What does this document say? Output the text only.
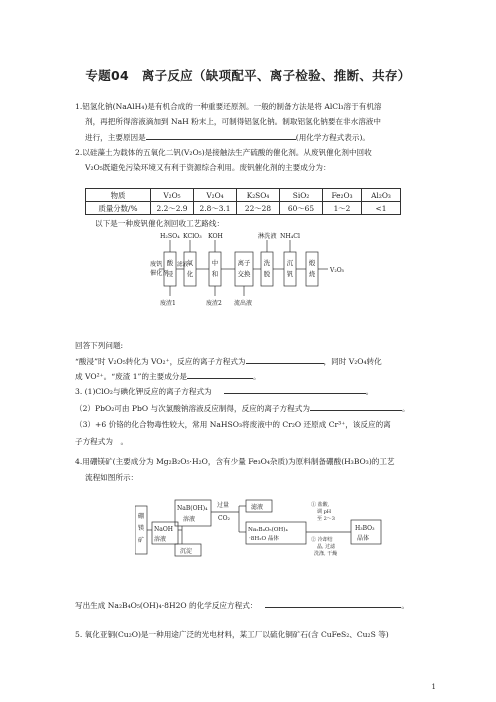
专题04　离子反应（缺项配平、离子检验、推断、共存）
1.铝氢化钠(NaAlH₄)是有机合成的一种重要还原剂。一般的制备方法是将 AlCl₃溶于有机溶
剂，再把所得溶液滴加到 NaH 粉末上，可制得铝氢化钠。制取铝氢化钠要在非水溶液中
进行，主要原因是	(用化学方程式表示)。
2.以硅藻土为载体的五氧化二钒(V₂O₅)是接触法生产硫酸的催化剂。从废钒催化剂中回收
V₂O₅既避免污染环境又有利于资源综合利用。废钒催化剂的主要成分为：
物质	V₂O₅	V₂O₄	K₂SO₄	SiO₂	Fe₂O₃	Al₂O₃
质量分数/%	2.2～2.9	2.8～3.1	22～28	60～65	1～2	<1
以下是一种废钒催化剂回收工艺路线：
H₂SO₄ KClO₃ KOH	淋洗液 NH₄Cl
废钒
催化剂
酸
浸
氧
化
中
和
离子
交换
洗
脱
沉
钒
煅
烧
滤液
V₂O₅
废渣1	废渣2 流出液
回答下列问题:
“酸浸”时 V₂O₅转化为 VO₂⁺，反应的离子方程式为	，同时 V₂O₄转化
成 VO²⁺。“废渣 1”的主要成分是	。
3. (1)ClO₂与碘化钾反应的离子方程式为	。
（2）PbO₂可由 PbO 与次氯酸钠溶液反应制得，反应的离子方程式为	。
（3）+6 价铬的化合物毒性较大，常用 NaHSO₃将废液中的 Cr₂O 还原成 Cr³⁺，该反应的离
子方程式为　。
4.用硼镁矿(主要成分为 Mg₂B₂O₅·H₂O，含有少量 Fe₃O₄杂质)为原料制备硼酸(H₃BO₃)的工艺
流程如图所示：
硼
镁
矿
NaOH
溶液
NaB(OH)₄
溶液
沉淀
过量
CO₂
滤液
Na₂B₄O₅(OH)₄
·8H₂O 晶体
① 盐酸,
调 pH
至 2～3
② 冷却结
晶, 过滤
洗涤, 干燥
H₃BO₃
晶体
写出生成 Na₂B₄O₅(OH)₄·8H2O 的化学反应方程式：	。
5. 氧化亚铜(Cu₂O)是一种用途广泛的光电材料，某工厂以硫化铜矿石(含 CuFeS₂、Cu₂S 等)
1
